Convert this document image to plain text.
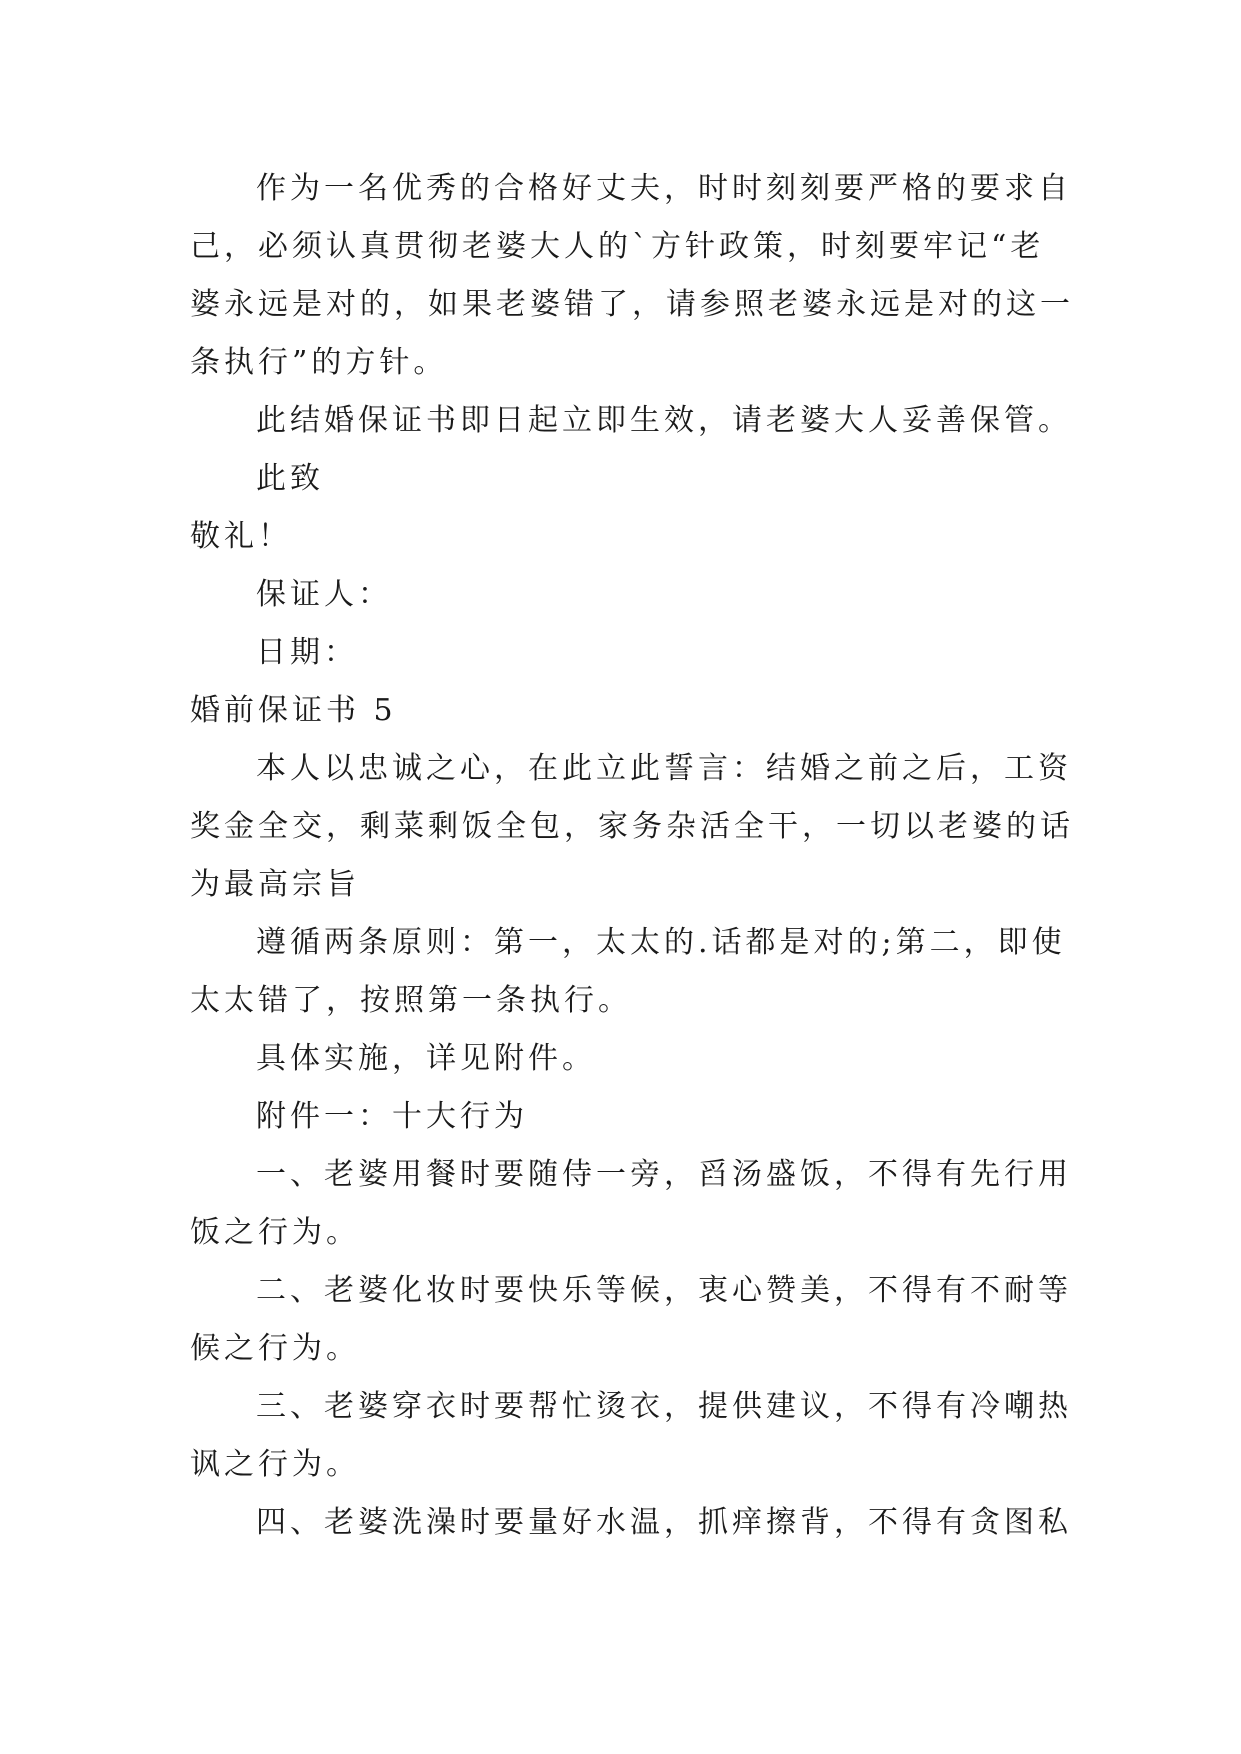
作为一名优秀的合格好丈夫，时时刻刻要严格的要求自
己，必须认真贯彻老婆大人的`方针政策，时刻要牢记“老
婆永远是对的，如果老婆错了，请参照老婆永远是对的这一
条执行”的方针。
此结婚保证书即日起立即生效，请老婆大人妥善保管。
此致
敬礼！
保证人：
日期：
婚前保证书 5
本人以忠诚之心，在此立此誓言：结婚之前之后，工资
奖金全交，剩菜剩饭全包，家务杂活全干，一切以老婆的话
为最高宗旨
遵循两条原则：第一，太太的.话都是对的;第二，即使
太太错了，按照第一条执行。
具体实施，详见附件。
附件一：十大行为
一、老婆用餐时要随侍一旁，舀汤盛饭，不得有先行用
饭之行为。
二、老婆化妆时要快乐等候，衷心赞美，不得有不耐等
候之行为。
三、老婆穿衣时要帮忙烫衣，提供建议，不得有冷嘲热
讽之行为。
四、老婆洗澡时要量好水温，抓痒擦背，不得有贪图私
